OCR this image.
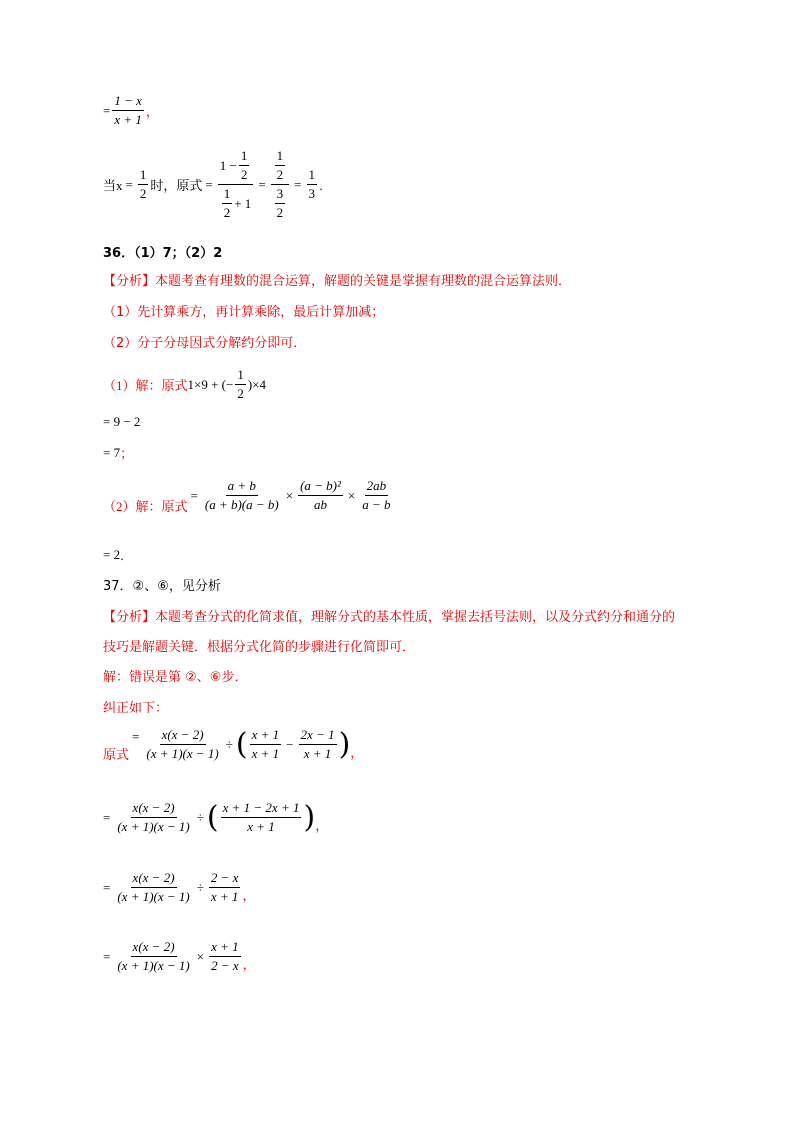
= $\frac{1 - x}{x + 1}$ ，
当$x = \frac{1}{2}$ 时，原式 = $\frac{1 - \frac{1}{2}}{\frac{1}{2} + 1} = \frac{\frac{1}{2}}{\frac{3}{2}} = \frac{1}{3}$ ．
36．（1）7；（2）2
【分析】本题考查有理数的混合运算，解题的关键是掌握有理数的混合运算法则．
（1）先计算乘方，再计算乘除，最后计算加减；
（2）分子分母因式分解约分即可．
（1）解：原式 1×9 + (− $\frac{1}{2} )\times 4$
= 9 − 2
= 7 ；
（2）解：原式
= $\frac{a + b}{(a + b)(a - b)} \times \frac{\text{(a − b)²}}{ab} \times \frac{2ab}{a - b}$
= 2 ．
37．②、⑥，见分析
【分析】本题考查分式的化简求值，理解分式的基本性质，掌握去括号法则，以及分式约分和通分的
技巧是解题关键．根据分式化简的步骤进行化简即可．
解：错误是第 ②、⑥步．
纠正如下：
原式
= $\frac{x(x - 2)}{(x + 1)(x - 1)}$ ÷ ( $\frac{x + 1}{x + 1} - \frac{2x - 1}{x + 1}$ ) ，
= $\frac{x(x - 2)}{(x + 1)(x - 1)}$ ÷ ( $\frac{x + 1 - 2x + 1}{x + 1}$ ) ，
= $\frac{x(x - 2)}{(x + 1)(x - 1)} \div \frac{2 - x}{x + 1}$ ，
= $\frac{x(x - 2)}{(x + 1)(x - 1)} \times \frac{x + 1}{2 - x}$ ，
